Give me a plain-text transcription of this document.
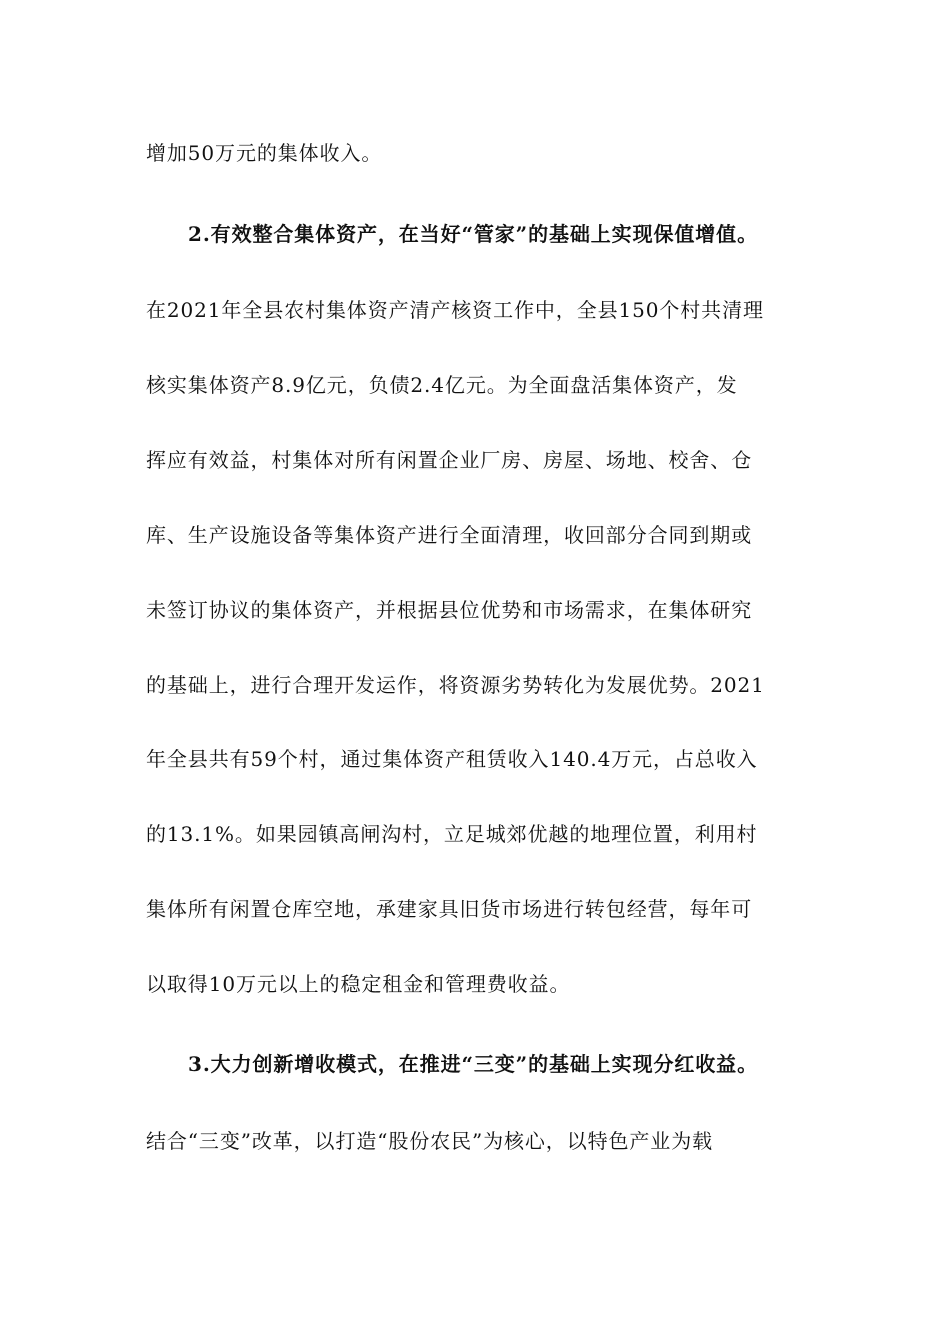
增加50万元的集体收入。
2.有效整合集体资产，在当好“管家”的基础上实现保值增值。
在2021年全县农村集体资产清产核资工作中，全县150个村共清理
核实集体资产8.9亿元，负债2.4亿元。为全面盘活集体资产，发
挥应有效益，村集体对所有闲置企业厂房、房屋、场地、校舍、仓
库、生产设施设备等集体资产进行全面清理，收回部分合同到期或
未签订协议的集体资产，并根据县位优势和市场需求，在集体研究
的基础上，进行合理开发运作，将资源劣势转化为发展优势。2021
年全县共有59个村，通过集体资产租赁收入140.4万元，占总收入
的13.1%。如果园镇高闸沟村，立足城郊优越的地理位置，利用村
集体所有闲置仓库空地，承建家具旧货市场进行转包经营，每年可
以取得10万元以上的稳定租金和管理费收益。
3.大力创新增收模式，在推进“三变”的基础上实现分红收益。
结合“三变”改革，以打造“股份农民”为核心，以特色产业为载
